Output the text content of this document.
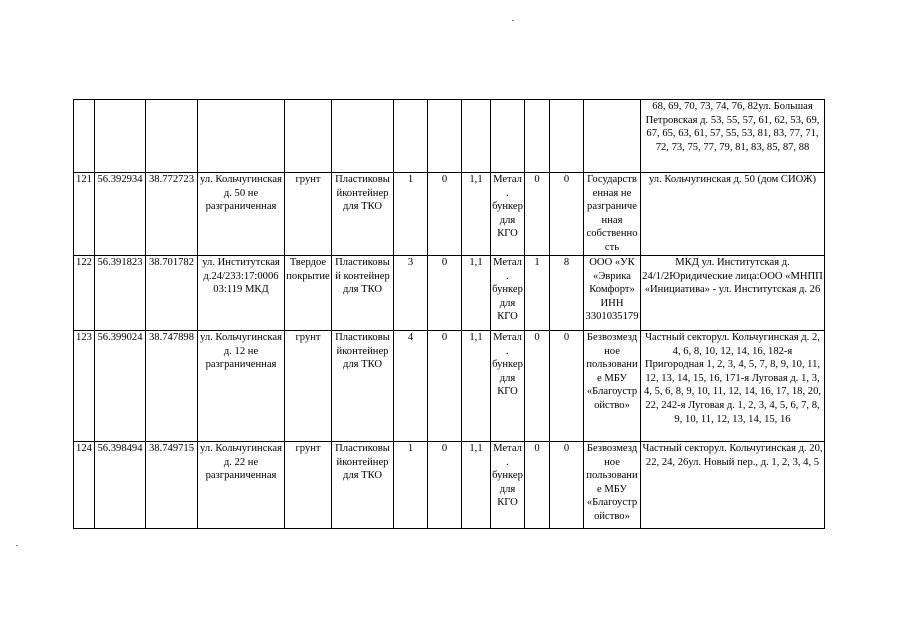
													68, 69, 70, 73, 74, 76, 82ул. Большая Петровская д. 53, 55, 57, 61, 62, 53, 69, 67, 65, 63, 61, 57, 55, 53, 81, 83, 77, 71, 72, 73, 75, 77, 79, 81, 83, 85, 87, 88
121	56.392934	38.772723	ул. Кольчугинская д. 50 не разграниченная	грунт	Пластиковы йконтейнер для ТКО	1	0	1,1	Метал. бункер для КГО	0	0	Государств енная не разграниче нная собственно сть	ул. Кольчугинская д. 50 (дом СИОЖ)
122	56.391823	38.701782	ул. Институтская д.24/233:17:0006 03:119 МКД	Твердое покрытие	Пластиковы й контейнер для ТКО	3	0	1,1	Метал. бункер для КГО	1	8	ООО «УК «Эврика Комфорт» ИНН 3301035179	МКД ул. Институтская д. 24/1/2Юридические лица:ООО «МНПП «Инициатива» - ул. Институтская д. 26
123	56.399024	38.747898	ул. Кольчугинская д. 12 не разграниченная	грунт	Пластиковы йконтейнер для ТКО	4	0	1,1	Метал. бункер для КГО	0	0	Безвозмезд ное пользовани е МБУ «Благоустр ойство»	Частный секторул. Кольчугинская д. 2, 4, 6, 8, 10, 12, 14, 16, 182-я Пригородная 1, 2, 3, 4, 5, 7, 8, 9, 10, 11, 12, 13, 14, 15, 16, 171-я Луговая д. 1, 3, 4, 5, 6, 8, 9, 10, 11, 12, 14, 16, 17, 18, 20, 22, 242-я Луговая д. 1, 2, 3, 4, 5, 6, 7, 8, 9, 10, 11, 12, 13, 14, 15, 16
124	56.398494	38.749715	ул. Кольчугинская д. 22 не разграниченная	грунт	Пластиковы йконтейнер для ТКО	1	0	1,1	Метал. бункер для КГО	0	0	Безвозмезд ное пользовани е МБУ «Благоустр ойство»	Частный секторул. Кольчугинская д. 20, 22, 24, 26ул. Новый пер., д. 1, 2, 3, 4, 5
